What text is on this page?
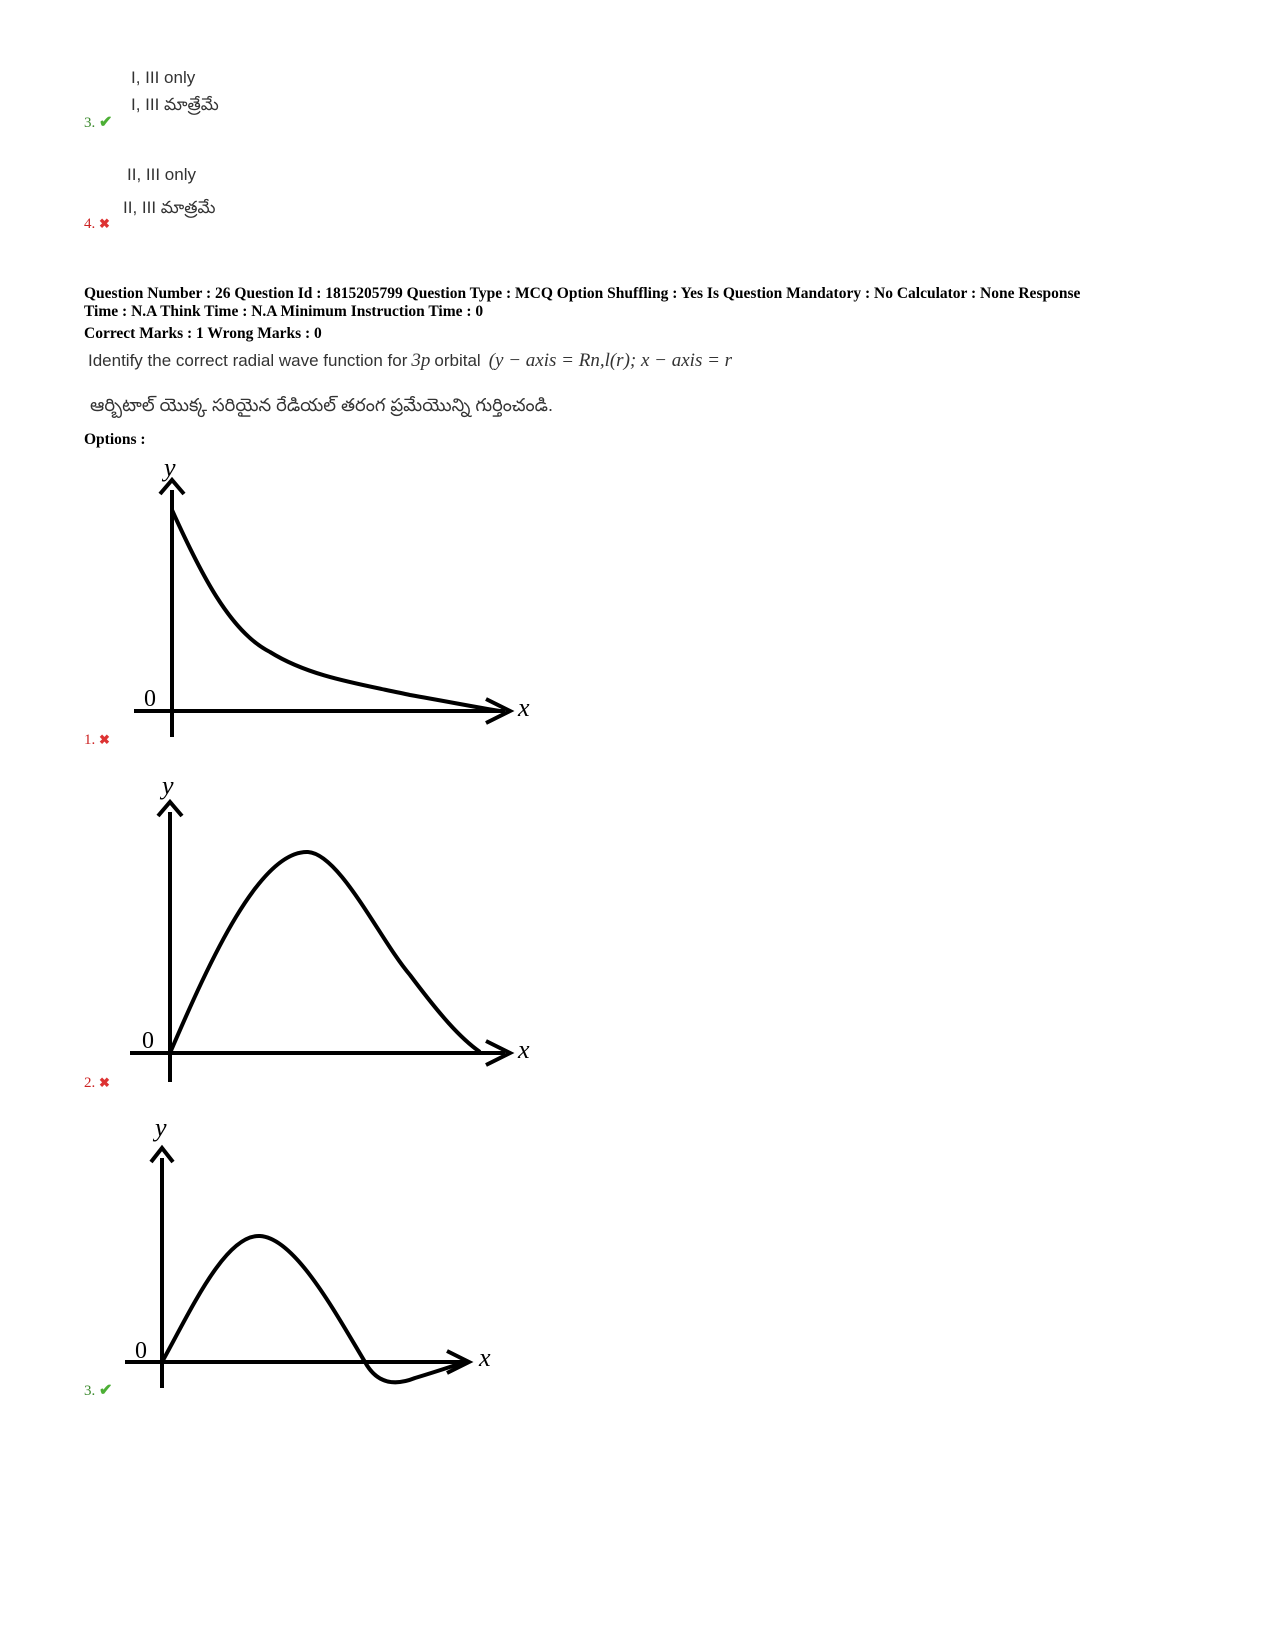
I, III only
I, III మాత్రేమే
3. ✔
II, III only
II, III మాత్రమే
4. ✖
Question Number : 26 Question Id : 1815205799 Question Type : MCQ Option Shuffling : Yes Is Question Mandatory : No Calculator : None Response
Time : N.A Think Time : N.A Minimum Instruction Time : 0
Correct Marks : 1 Wrong Marks : 0
Identify the correct radial wave function for 3p orbital (y − axis = Rn,l(r); x − axis = r
ఆర్బిటాల్ యొక్క సరియైన రేడియల్ తరంగ ప్రమేయొన్ని గుర్తించండి.
Options :
y
x
0
1. ✖
y
x
0
2. ✖
y
x
0
3. ✔
